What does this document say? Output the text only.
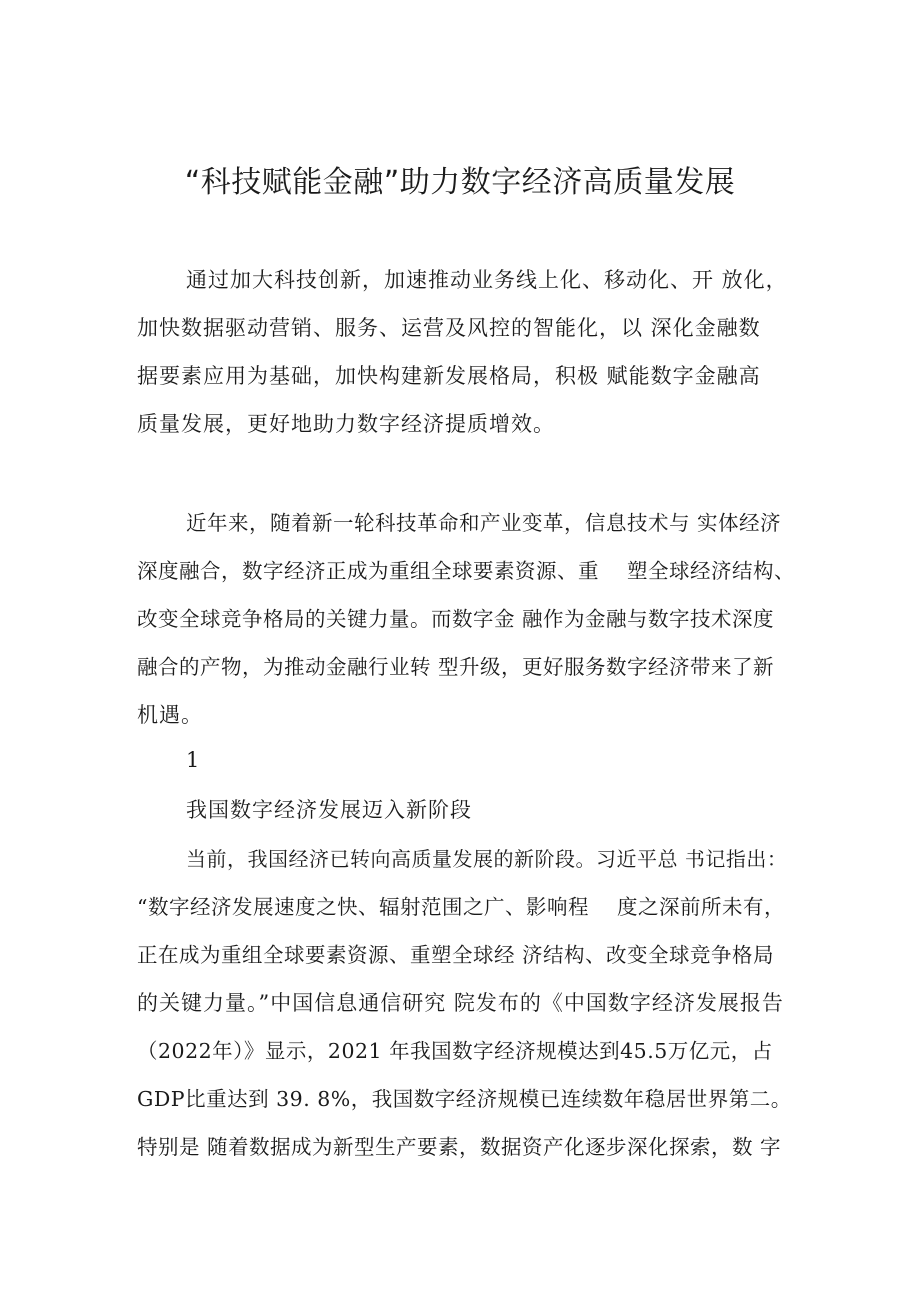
“科技赋能金融”助力数字经济高质量发展
通过加大科技创新，加速推动业务线上化、移动化、开 放化，
加快数据驱动营销、服务、运营及风控的智能化，以 深化金融数
据要素应用为基础，加快构建新发展格局，积极 赋能数字金融高
质量发展，更好地助力数字经济提质增效。
近年来，随着新一轮科技革命和产业变革，信息技术与 实体经济
深度融合，数字经济正成为重组全球要素资源、重　 塑全球经济结构、
改变全球竞争格局的关键力量。而数字金 融作为金融与数字技术深度
融合的产物，为推动金融行业转 型升级，更好服务数字经济带来了新
机遇。
1
我国数字经济发展迈入新阶段
当前，我国经济已转向高质量发展的新阶段。习近平总 书记指出：
“数字经济发展速度之快、辐射范围之广、影响程　 度之深前所未有，
正在成为重组全球要素资源、重塑全球经 济结构、改变全球竞争格局
的关键力量。”中国信息通信研究 院发布的《中国数字经济发展报告
（2022年）》显示，2021 年我国数字经济规模达到45.5万亿元，占
GDP比重达到 39. 8%，我国数字经济规模已连续数年稳居世界第二。
特别是 随着数据成为新型生产要素，数据资产化逐步深化探索，数 字
